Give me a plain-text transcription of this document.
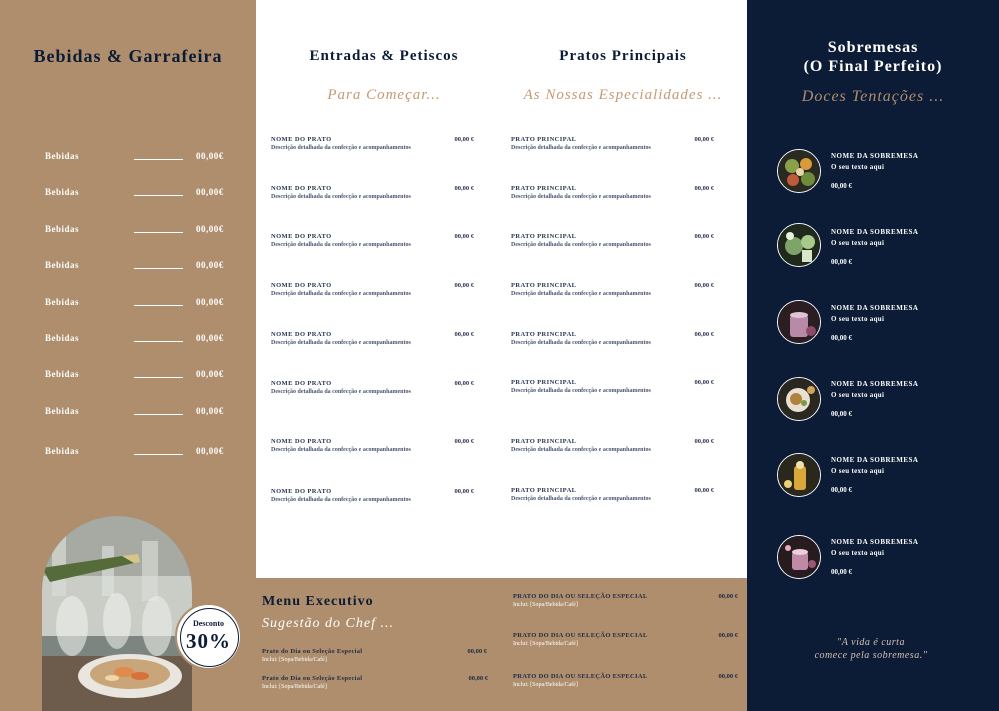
Bebidas & Garrafeira
Bebidas	00,00€
Bebidas	00,00€
Bebidas	00,00€
Bebidas	00,00€
Bebidas	00,00€
Bebidas	00,00€
Bebidas	00,00€
Bebidas	00,00€
Bebidas	00,00€
Desconto
30%
Entradas & Petiscos
Para Começar...
Pratos Principais
As Nossas Especialidades ...
NOME DO PRATO	00,00 €
Descrição detalhada da confecção e acompanhamentos
NOME DO PRATO	00,00 €
Descrição detalhada da confecção e acompanhamentos
NOME DO PRATO	00,00 €
Descrição detalhada da confecção e acompanhamentos
NOME DO PRATO	00,00 €
Descrição detalhada da confecção e acompanhamentos
NOME DO PRATO	00,00 €
Descrição detalhada da confecção e acompanhamentos
NOME DO PRATO	00,00 €
Descrição detalhada da confecção e acompanhamentos
NOME DO PRATO	00,00 €
Descrição detalhada da confecção e acompanhamentos
NOME DO PRATO	00,00 €
Descrição detalhada da confecção e acompanhamentos
PRATO PRINCIPAL	00,00 €
Descrição detalhada da confecção e acompanhamentos
PRATO PRINCIPAL	00,00 €
Descrição detalhada da confecção e acompanhamentos
PRATO PRINCIPAL	00,00 €
Descrição detalhada da confecção e acompanhamentos
PRATO PRINCIPAL	00,00 €
Descrição detalhada da confecção e acompanhamentos
PRATO PRINCIPAL	00,00 €
Descrição detalhada da confecção e acompanhamentos
PRATO PRINCIPAL	00,00 €
Descrição detalhada da confecção e acompanhamentos
PRATO PRINCIPAL	00,00 €
Descrição detalhada da confecção e acompanhamentos
PRATO PRINCIPAL	00,00 €
Descrição detalhada da confecção e acompanhamentos
Menu Executivo
Sugestão do Chef ...
Prato do Dia ou Seleção Especial	00,00 €
Inclui: [Sopa/Bebida/Café]
Prato do Dia ou Seleção Especial	00,00 €
Inclui: [Sopa/Bebida/Café]
PRATO DO DIA OU SELEÇÃO ESPECIAL	00,00 €
Inclui: [Sopa/Bebida/Café]
PRATO DO DIA OU SELEÇÃO ESPECIAL	00,00 €
Inclui: [Sopa/Bebida/Café]
PRATO DO DIA OU SELEÇÃO ESPECIAL	00,00 €
Inclui: [Sopa/Bebida/Café]
Sobremesas
(O Final Perfeito)
Doces Tentações ...
NOME DA SOBREMESA
O seu texto aqui
00,00 €
NOME DA SOBREMESA
O seu texto aqui
00,00 €
NOME DA SOBREMESA
O seu texto aqui
00,00 €
NOME DA SOBREMESA
O seu texto aqui
00,00 €
NOME DA SOBREMESA
O seu texto aqui
00,00 €
NOME DA SOBREMESA
O seu texto aqui
00,00 €
"A vida é curta
comece pela sobremesa."
